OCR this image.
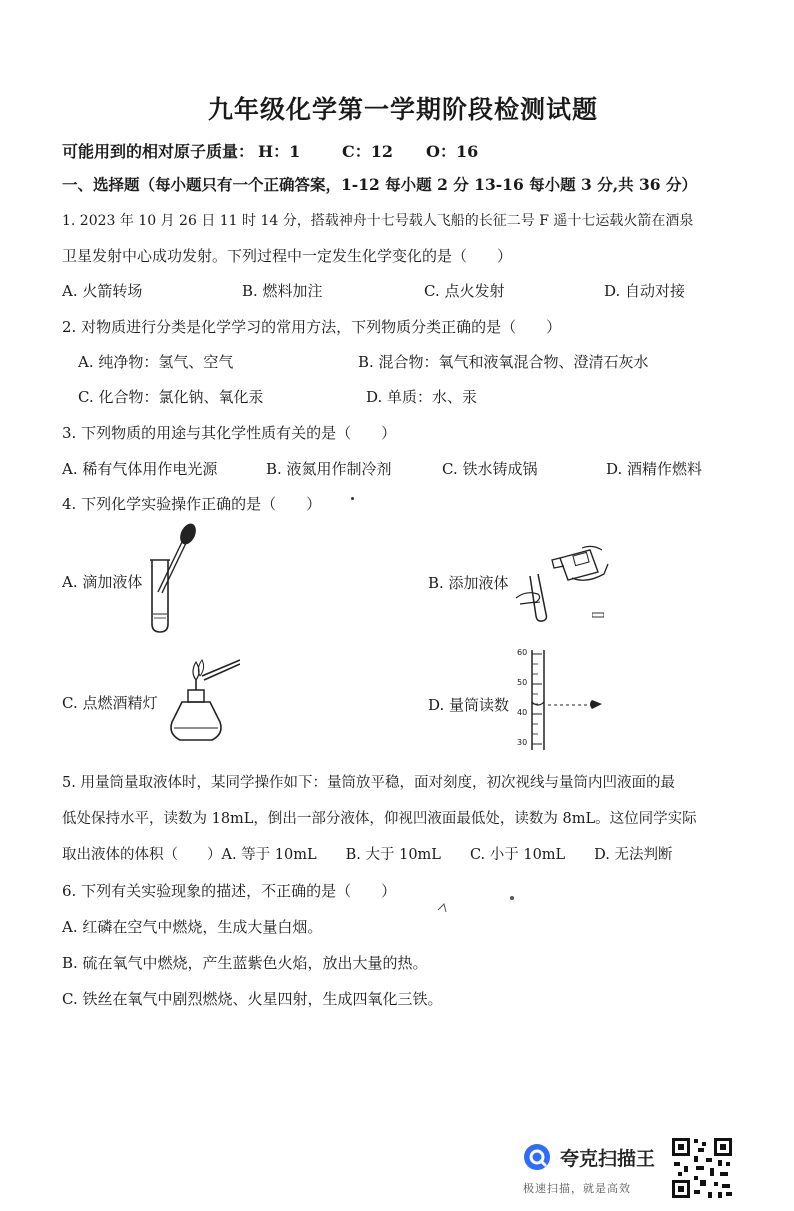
九年级化学第一学期阶段检测试题
可能用到的相对原子质量： H：1	C：12 O：16
一、选择题（每小题只有一个正确答案，1-12 每小题 2 分 13-16 每小题 3 分,共 36 分）
1. 2023 年 10 月 26 日 11 时 14 分，搭载神舟十七号载人飞船的长征二号 F 遥十七运载火箭在酒泉
卫星发射中心成功发射。下列过程中一定发生化学变化的是（　　）
A. 火箭转场	B. 燃料加注	C. 点火发射	D. 自动对接
2. 对物质进行分类是化学学习的常用方法，下列物质分类正确的是（　　）
A. 纯净物：氢气、空气	B. 混合物：氧气和液氧混合物、澄清石灰水
C. 化合物：氯化钠、氧化汞	D. 单质：水、汞
3. 下列物质的用途与其化学性质有关的是（　　）
A. 稀有气体用作电光源	B. 液氮用作制冷剂	C. 铁水铸成锅	D. 酒精作燃料
4. 下列化学实验操作正确的是（　　）
A. 滴加液体	B. 添加液体
C. 点燃酒精灯	D. 量筒读数
60
50
40
30
5. 用量筒量取液体时，某同学操作如下：量筒放平稳，面对刻度，初次视线与量筒内凹液面的最
低处保持水平，读数为 18mL，倒出一部分液体，仰视凹液面最低处，读数为 8mL。这位同学实际
取出液体的体积（　　）A. 等于 10mL　　B. 大于 10mL　　C. 小于 10mL　　D. 无法判断
6. 下列有关实验现象的描述，不正确的是（　　）
A. 红磷在空气中燃烧，生成大量白烟。
B. 硫在氧气中燃烧，产生蓝紫色火焰，放出大量的热。
C. 铁丝在氧气中剧烈燃烧、火星四射，生成四氧化三铁。
夸克扫描王
极速扫描，就是高效
